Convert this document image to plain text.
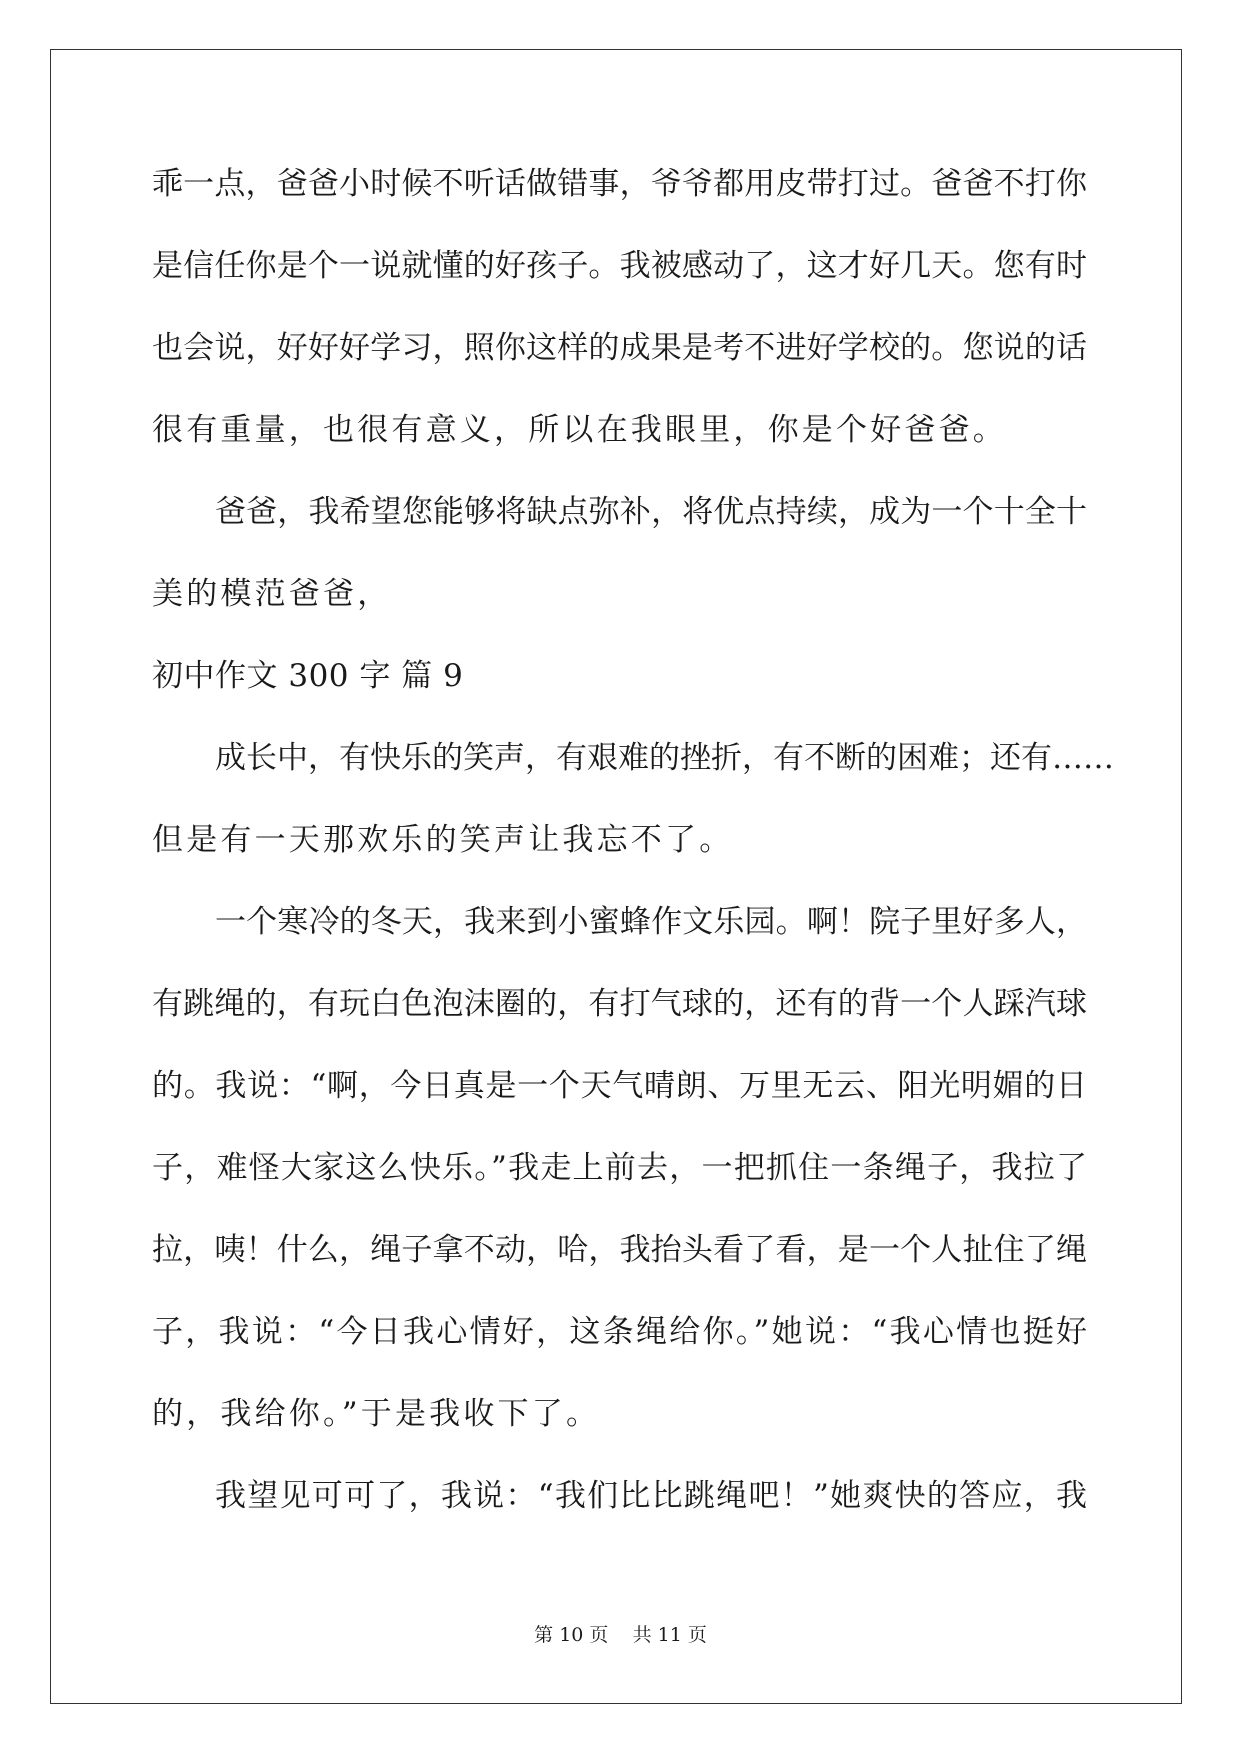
乖一点，爸爸小时候不听话做错事，爷爷都用皮带打过。爸爸不打你
是信任你是个一说就懂的好孩子。我被感动了，这才好几天。您有时
也会说，好好好学习，照你这样的成果是考不进好学校的。您说的话
很有重量，也很有意义，所以在我眼里，你是个好爸爸。
爸爸，我希望您能够将缺点弥补，将优点持续，成为一个十全十
美的模范爸爸，
初中作文 300 字 篇 9
成长中，有快乐的笑声，有艰难的挫折，有不断的困难；还有……
但是有一天那欢乐的笑声让我忘不了。
一个寒冷的冬天，我来到小蜜蜂作文乐园。啊！院子里好多人，
有跳绳的，有玩白色泡沫圈的，有打气球的，还有的背一个人踩汽球
的。我说：“啊，今日真是一个天气晴朗、万里无云、阳光明媚的日
子，难怪大家这么快乐。”我走上前去，一把抓住一条绳子，我拉了
拉，咦！什么，绳子拿不动，哈，我抬头看了看，是一个人扯住了绳
子，我说：“今日我心情好，这条绳给你。”她说：“我心情也挺好
的，我给你。”于是我收下了。
我望见可可了，我说：“我们比比跳绳吧！”她爽快的答应，我
第 10 页    共 11 页
